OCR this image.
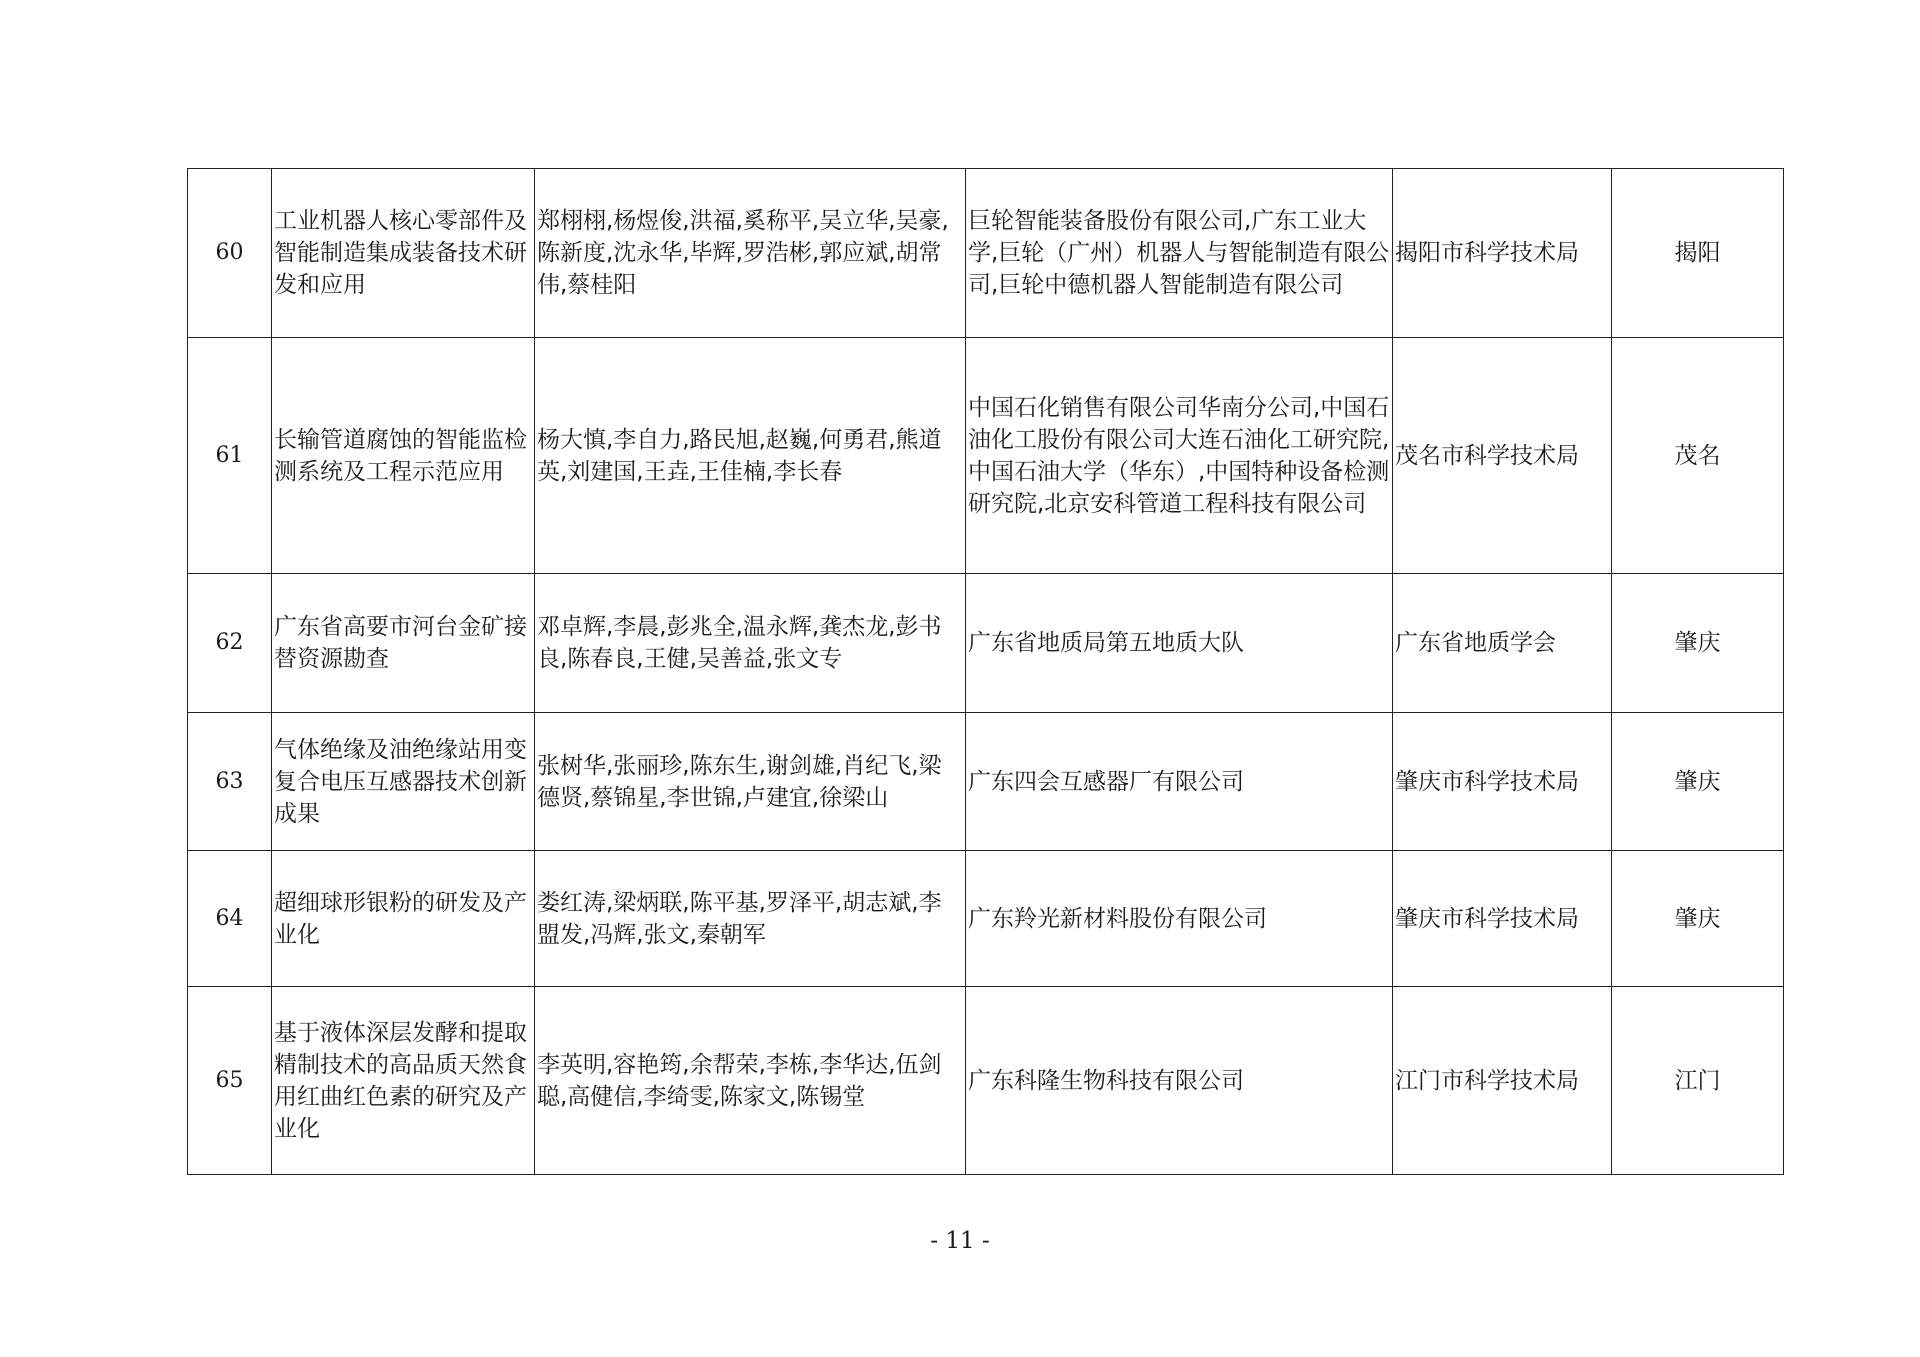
60	工业机器人核心零部件及智能制造集成装备技术研发和应用	郑栩栩,杨煜俊,洪福,奚称平,吴立华,吴豪,陈新度,沈永华,毕辉,罗浩彬,郭应斌,胡常伟,蔡桂阳	巨轮智能装备股份有限公司,广东工业大学,巨轮（广州）机器人与智能制造有限公司,巨轮中德机器人智能制造有限公司	揭阳市科学技术局	揭阳
61	长输管道腐蚀的智能监检测系统及工程示范应用	杨大慎,李自力,路民旭,赵巍,何勇君,熊道英,刘建国,王垚,王佳楠,李长春	中国石化销售有限公司华南分公司,中国石油化工股份有限公司大连石油化工研究院,中国石油大学（华东）,中国特种设备检测研究院,北京安科管道工程科技有限公司	茂名市科学技术局	茂名
62	广东省高要市河台金矿接替资源勘查	邓卓辉,李晨,彭兆全,温永辉,龚杰龙,彭书良,陈春良,王健,吴善益,张文专	广东省地质局第五地质大队	广东省地质学会	肇庆
63	气体绝缘及油绝缘站用变复合电压互感器技术创新成果	张树华,张丽珍,陈东生,谢剑雄,肖纪飞,梁德贤,蔡锦星,李世锦,卢建宜,徐梁山	广东四会互感器厂有限公司	肇庆市科学技术局	肇庆
64	超细球形银粉的研发及产业化	娄红涛,梁炳联,陈平基,罗泽平,胡志斌,李盟发,冯辉,张文,秦朝军	广东羚光新材料股份有限公司	肇庆市科学技术局	肇庆
65	基于液体深层发酵和提取精制技术的高品质天然食用红曲红色素的研究及产业化	李英明,容艳筠,余帮荣,李栋,李华达,伍剑聪,高健信,李绮雯,陈家文,陈锡堂	广东科隆生物科技有限公司	江门市科学技术局	江门
- 11 -
